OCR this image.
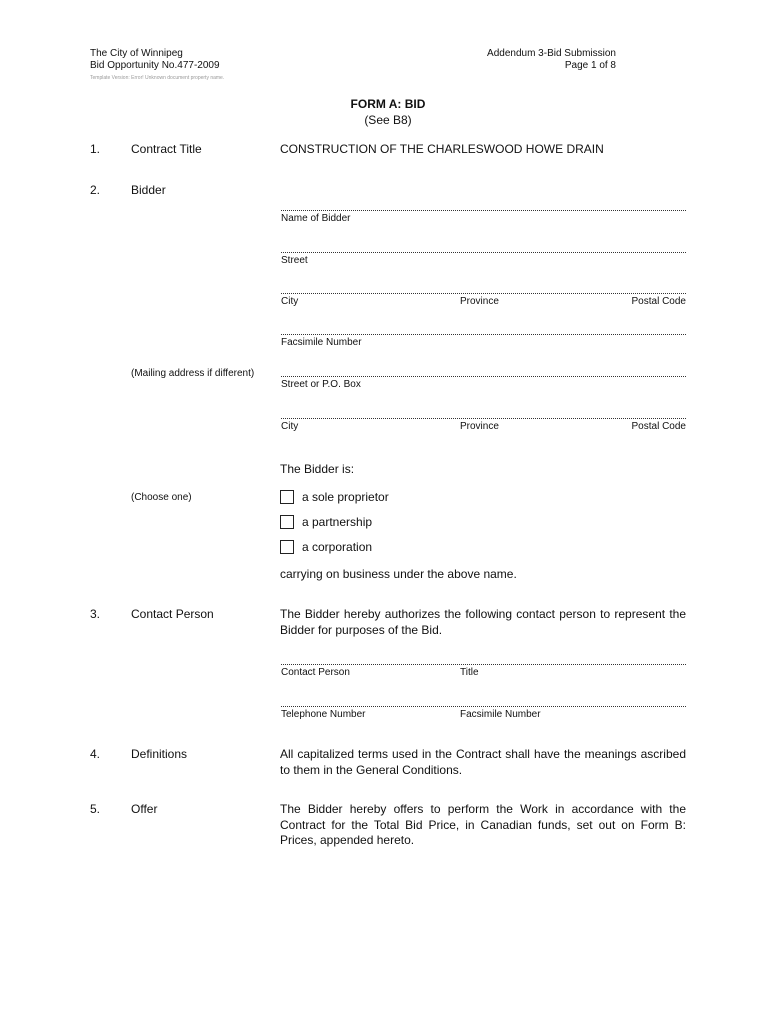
The City of Winnipeg
Bid Opportunity No.477-2009
Template Version: Error! Unknown document property name.
Addendum 3-Bid Submission
Page 1 of 8
FORM A: BID
(See B8)
1.	Contract Title	CONSTRUCTION OF THE CHARLESWOOD HOWE DRAIN
2.	Bidder
Name of Bidder
Street
City	Province	Postal Code
Facsimile Number
(Mailing address if different)
Street or P.O. Box
City	Province	Postal Code
The Bidder is:
(Choose one)	a sole proprietor
a partnership
a corporation
carrying on business under the above name.
3.	Contact Person	The Bidder hereby authorizes the following contact person to represent the Bidder for purposes of the Bid.
Contact Person	Title
Telephone Number	Facsimile Number
4.	Definitions	All capitalized terms used in the Contract shall have the meanings ascribed to them in the General Conditions.
5.	Offer	The Bidder hereby offers to perform the Work in accordance with the Contract for the Total Bid Price, in Canadian funds, set out on Form B: Prices, appended hereto.
